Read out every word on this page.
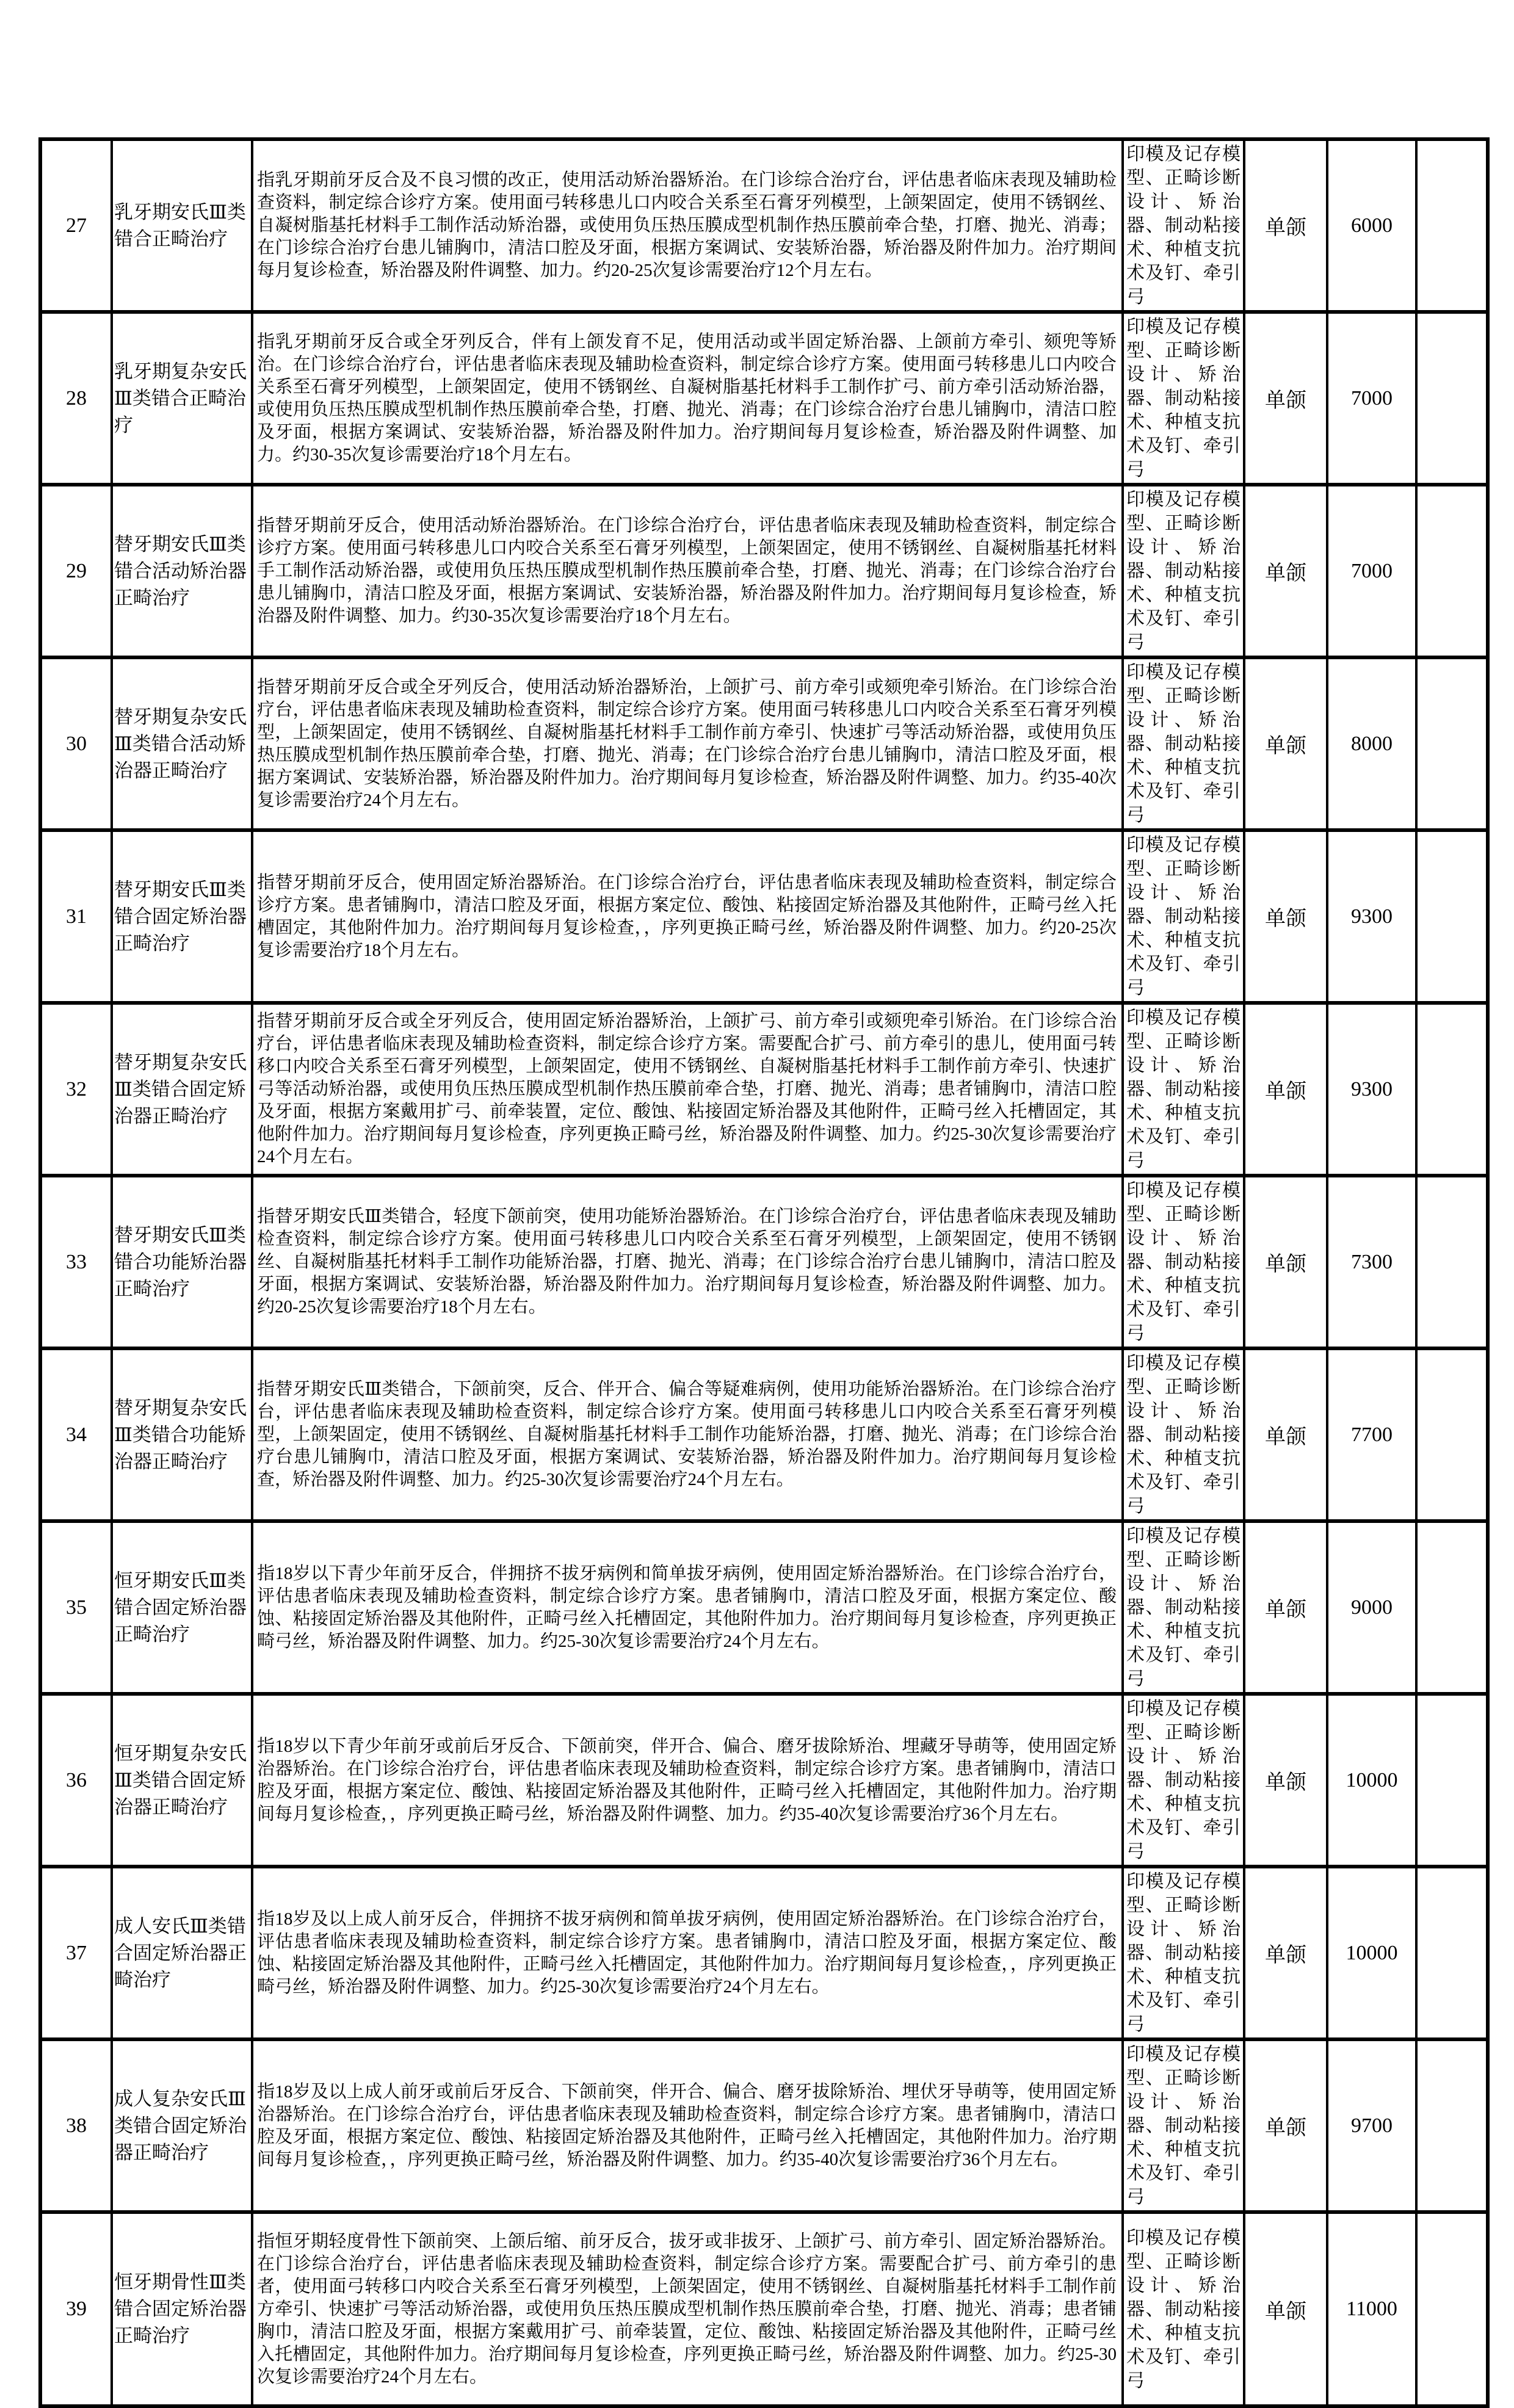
27	乳牙期安氏Ⅲ类错合正畸治疗	指乳牙期前牙反合及不良习惯的改正，使用活动矫治器矫治。在门诊综合治疗台，评估患者临床表现及辅助检查资料，制定综合诊疗方案。使用面弓转移患儿口内咬合关系至石膏牙列模型，上颌架固定，使用不锈钢丝、自凝树脂基托材料手工制作活动矫治器，或使用负压热压膜成型机制作热压膜前牵合垫，打磨、抛光、消毒；在门诊综合治疗台患儿铺胸巾，清洁口腔及牙面，根据方案调试、安装矫治器，矫治器及附件加力。治疗期间每月复诊检查，矫治器及附件调整、加力。约20-25次复诊需要治疗12个月左右。	印模及记存模型、正畸诊断设计、矫治器、制动粘接术、种植支抗术及钉、牵引弓	单颌	6000	
28	乳牙期复杂安氏Ⅲ类错合正畸治疗	指乳牙期前牙反合或全牙列反合，伴有上颌发育不足，使用活动或半固定矫治器、上颌前方牵引、颏兜等矫治。在门诊综合治疗台，评估患者临床表现及辅助检查资料，制定综合诊疗方案。使用面弓转移患儿口内咬合关系至石膏牙列模型，上颌架固定，使用不锈钢丝、自凝树脂基托材料手工制作扩弓、前方牵引活动矫治器，或使用负压热压膜成型机制作热压膜前牵合垫，打磨、抛光、消毒；在门诊综合治疗台患儿铺胸巾，清洁口腔及牙面，根据方案调试、安装矫治器，矫治器及附件加力。治疗期间每月复诊检查，矫治器及附件调整、加力。约30-35次复诊需要治疗18个月左右。	印模及记存模型、正畸诊断设计、矫治器、制动粘接术、种植支抗术及钉、牵引弓	单颌	7000	
29	替牙期安氏Ⅲ类错合活动矫治器正畸治疗	指替牙期前牙反合，使用活动矫治器矫治。在门诊综合治疗台，评估患者临床表现及辅助检查资料，制定综合诊疗方案。使用面弓转移患儿口内咬合关系至石膏牙列模型，上颌架固定，使用不锈钢丝、自凝树脂基托材料手工制作活动矫治器，或使用负压热压膜成型机制作热压膜前牵合垫，打磨、抛光、消毒；在门诊综合治疗台患儿铺胸巾，清洁口腔及牙面，根据方案调试、安装矫治器，矫治器及附件加力。治疗期间每月复诊检查，矫治器及附件调整、加力。约30-35次复诊需要治疗18个月左右。	印模及记存模型、正畸诊断设计、矫治器、制动粘接术、种植支抗术及钉、牵引弓	单颌	7000	
30	替牙期复杂安氏Ⅲ类错合活动矫治器正畸治疗	指替牙期前牙反合或全牙列反合，使用活动矫治器矫治，上颌扩弓、前方牵引或颏兜牵引矫治。在门诊综合治疗台，评估患者临床表现及辅助检查资料，制定综合诊疗方案。使用面弓转移患儿口内咬合关系至石膏牙列模型，上颌架固定，使用不锈钢丝、自凝树脂基托材料手工制作前方牵引、快速扩弓等活动矫治器，或使用负压热压膜成型机制作热压膜前牵合垫，打磨、抛光、消毒；在门诊综合治疗台患儿铺胸巾，清洁口腔及牙面，根据方案调试、安装矫治器，矫治器及附件加力。治疗期间每月复诊检查，矫治器及附件调整、加力。约35-40次复诊需要治疗24个月左右。	印模及记存模型、正畸诊断设计、矫治器、制动粘接术、种植支抗术及钉、牵引弓	单颌	8000	
31	替牙期安氏Ⅲ类错合固定矫治器正畸治疗	指替牙期前牙反合，使用固定矫治器矫治。在门诊综合治疗台，评估患者临床表现及辅助检查资料，制定综合诊疗方案。患者铺胸巾，清洁口腔及牙面，根据方案定位、酸蚀、粘接固定矫治器及其他附件，正畸弓丝入托槽固定，其他附件加力。治疗期间每月复诊检查，，序列更换正畸弓丝，矫治器及附件调整、加力。约20-25次复诊需要治疗18个月左右。	印模及记存模型、正畸诊断设计、矫治器、制动粘接术、种植支抗术及钉、牵引弓	单颌	9300	
32	替牙期复杂安氏Ⅲ类错合固定矫治器正畸治疗	指替牙期前牙反合或全牙列反合，使用固定矫治器矫治，上颌扩弓、前方牵引或颏兜牵引矫治。在门诊综合治疗台，评估患者临床表现及辅助检查资料，制定综合诊疗方案。需要配合扩弓、前方牵引的患儿，使用面弓转移口内咬合关系至石膏牙列模型，上颌架固定，使用不锈钢丝、自凝树脂基托材料手工制作前方牵引、快速扩弓等活动矫治器，或使用负压热压膜成型机制作热压膜前牵合垫，打磨、抛光、消毒；患者铺胸巾，清洁口腔及牙面，根据方案戴用扩弓、前牵装置，定位、酸蚀、粘接固定矫治器及其他附件，正畸弓丝入托槽固定，其他附件加力。治疗期间每月复诊检查，序列更换正畸弓丝，矫治器及附件调整、加力。约25-30次复诊需要治疗24个月左右。	印模及记存模型、正畸诊断设计、矫治器、制动粘接术、种植支抗术及钉、牵引弓	单颌	9300	
33	替牙期安氏Ⅲ类错合功能矫治器正畸治疗	指替牙期安氏Ⅲ类错合，轻度下颌前突，使用功能矫治器矫治。在门诊综合治疗台，评估患者临床表现及辅助检查资料，制定综合诊疗方案。使用面弓转移患儿口内咬合关系至石膏牙列模型，上颌架固定，使用不锈钢丝、自凝树脂基托材料手工制作功能矫治器，打磨、抛光、消毒；在门诊综合治疗台患儿铺胸巾，清洁口腔及牙面，根据方案调试、安装矫治器，矫治器及附件加力。治疗期间每月复诊检查，矫治器及附件调整、加力。约20-25次复诊需要治疗18个月左右。	印模及记存模型、正畸诊断设计、矫治器、制动粘接术、种植支抗术及钉、牵引弓	单颌	7300	
34	替牙期复杂安氏Ⅲ类错合功能矫治器正畸治疗	指替牙期安氏Ⅲ类错合，下颌前突，反合、伴开合、偏合等疑难病例，使用功能矫治器矫治。在门诊综合治疗台，评估患者临床表现及辅助检查资料，制定综合诊疗方案。使用面弓转移患儿口内咬合关系至石膏牙列模型，上颌架固定，使用不锈钢丝、自凝树脂基托材料手工制作功能矫治器，打磨、抛光、消毒；在门诊综合治疗台患儿铺胸巾，清洁口腔及牙面，根据方案调试、安装矫治器，矫治器及附件加力。治疗期间每月复诊检查，矫治器及附件调整、加力。约25-30次复诊需要治疗24个月左右。	印模及记存模型、正畸诊断设计、矫治器、制动粘接术、种植支抗术及钉、牵引弓	单颌	7700	
35	恒牙期安氏Ⅲ类错合固定矫治器正畸治疗	指18岁以下青少年前牙反合，伴拥挤不拔牙病例和简单拔牙病例，使用固定矫治器矫治。在门诊综合治疗台，评估患者临床表现及辅助检查资料，制定综合诊疗方案。患者铺胸巾，清洁口腔及牙面，根据方案定位、酸蚀、粘接固定矫治器及其他附件，正畸弓丝入托槽固定，其他附件加力。治疗期间每月复诊检查，序列更换正畸弓丝，矫治器及附件调整、加力。约25-30次复诊需要治疗24个月左右。	印模及记存模型、正畸诊断设计、矫治器、制动粘接术、种植支抗术及钉、牵引弓	单颌	9000	
36	恒牙期复杂安氏Ⅲ类错合固定矫治器正畸治疗	指18岁以下青少年前牙或前后牙反合、下颌前突，伴开合、偏合、磨牙拔除矫治、埋藏牙导萌等，使用固定矫治器矫治。在门诊综合治疗台，评估患者临床表现及辅助检查资料，制定综合诊疗方案。患者铺胸巾，清洁口腔及牙面，根据方案定位、酸蚀、粘接固定矫治器及其他附件，正畸弓丝入托槽固定，其他附件加力。治疗期间每月复诊检查，，序列更换正畸弓丝，矫治器及附件调整、加力。约35-40次复诊需要治疗36个月左右。	印模及记存模型、正畸诊断设计、矫治器、制动粘接术、种植支抗术及钉、牵引弓	单颌	10000	
37	成人安氏Ⅲ类错合固定矫治器正畸治疗	指18岁及以上成人前牙反合，伴拥挤不拔牙病例和简单拔牙病例，使用固定矫治器矫治。在门诊综合治疗台，评估患者临床表现及辅助检查资料，制定综合诊疗方案。患者铺胸巾，清洁口腔及牙面，根据方案定位、酸蚀、粘接固定矫治器及其他附件，正畸弓丝入托槽固定，其他附件加力。治疗期间每月复诊检查，，序列更换正畸弓丝，矫治器及附件调整、加力。约25-30次复诊需要治疗24个月左右。	印模及记存模型、正畸诊断设计、矫治器、制动粘接术、种植支抗术及钉、牵引弓	单颌	10000	
38	成人复杂安氏Ⅲ类错合固定矫治器正畸治疗	指18岁及以上成人前牙或前后牙反合、下颌前突，伴开合、偏合、磨牙拔除矫治、埋伏牙导萌等，使用固定矫治器矫治。在门诊综合治疗台，评估患者临床表现及辅助检查资料，制定综合诊疗方案。患者铺胸巾，清洁口腔及牙面，根据方案定位、酸蚀、粘接固定矫治器及其他附件，正畸弓丝入托槽固定，其他附件加力。治疗期间每月复诊检查，，序列更换正畸弓丝，矫治器及附件调整、加力。约35-40次复诊需要治疗36个月左右。	印模及记存模型、正畸诊断设计、矫治器、制动粘接术、种植支抗术及钉、牵引弓	单颌	9700	
39	恒牙期骨性Ⅲ类错合固定矫治器正畸治疗	指恒牙期轻度骨性下颌前突、上颌后缩、前牙反合，拔牙或非拔牙、上颌扩弓、前方牵引、固定矫治器矫治。在门诊综合治疗台，评估患者临床表现及辅助检查资料，制定综合诊疗方案。需要配合扩弓、前方牵引的患者，使用面弓转移口内咬合关系至石膏牙列模型，上颌架固定，使用不锈钢丝、自凝树脂基托材料手工制作前方牵引、快速扩弓等活动矫治器，或使用负压热压膜成型机制作热压膜前牵合垫，打磨、抛光、消毒；患者铺胸巾，清洁口腔及牙面，根据方案戴用扩弓、前牵装置，定位、酸蚀、粘接固定矫治器及其他附件，正畸弓丝入托槽固定，其他附件加力。治疗期间每月复诊检查，序列更换正畸弓丝，矫治器及附件调整、加力。约25-30次复诊需要治疗24个月左右。	印模及记存模型、正畸诊断设计、矫治器、制动粘接术、种植支抗术及钉、牵引弓	单颌	11000	
